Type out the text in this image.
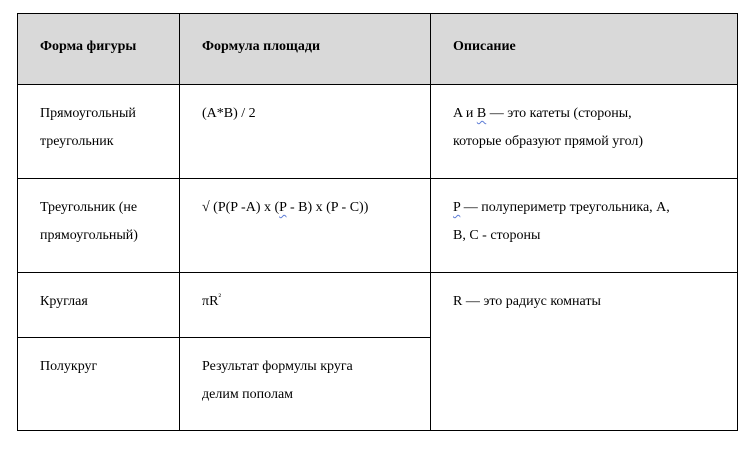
Форма фигуры	Формула площади	Описание

Прямоугольный
треугольник	(A*B) / 2	A и В — это катеты (стороны,
которые образуют прямой угол)

Треугольник (не
прямоугольный)	√ (P(P -A) x (P - B) x (P - C))	P — полупериметр треугольника, А,
В, С - стороны

Круглая	$\pi R^{^2}$	R — это радиус комнаты

Полукруг	Результат формулы круга
делим пополам	
